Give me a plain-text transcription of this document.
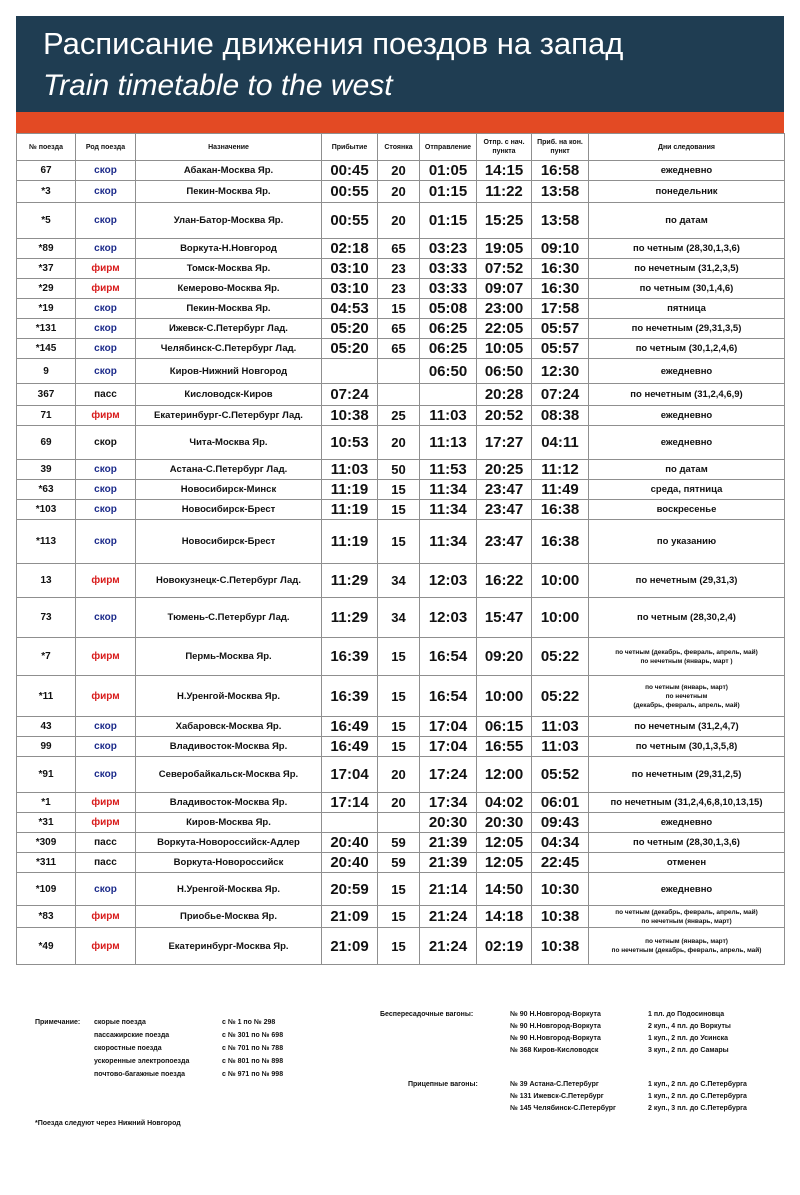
Расписание движения поездов на запад
Train timetable to the west
№ поезда	Род поезда	Назначение	Прибытие	Стоянка	Отправление	Отпр. с нач. пункта	Приб. на кон. пункт	Дни следования
67	скор	Абакан-Москва Яр.	00:45	20	01:05	14:15	16:58	ежедневно
*3	скор	Пекин-Москва Яр.	00:55	20	01:15	11:22	13:58	понедельник
*5	скор	Улан-Батор-Москва Яр.	00:55	20	01:15	15:25	13:58	по датам
*89	скор	Воркута-Н.Новгород	02:18	65	03:23	19:05	09:10	по четным (28,30,1,3,6)
*37	фирм	Томск-Москва Яр.	03:10	23	03:33	07:52	16:30	по нечетным (31,2,3,5)
*29	фирм	Кемерово-Москва Яр.	03:10	23	03:33	09:07	16:30	по четным (30,1,4,6)
*19	скор	Пекин-Москва Яр.	04:53	15	05:08	23:00	17:58	пятница
*131	скор	Ижевск-С.Петербург Лад.	05:20	65	06:25	22:05	05:57	по нечетным (29,31,3,5)
*145	скор	Челябинск-С.Петербург Лад.	05:20	65	06:25	10:05	05:57	по четным (30,1,2,4,6)
9	скор	Киров-Нижний Новгород			06:50	06:50	12:30	ежедневно
367	пасс	Кисловодск-Киров	07:24			20:28	07:24	по нечетным (31,2,4,6,9)
71	фирм	Екатеринбург-С.Петербург Лад.	10:38	25	11:03	20:52	08:38	ежедневно
69	скор	Чита-Москва Яр.	10:53	20	11:13	17:27	04:11	ежедневно
39	скор	Астана-С.Петербург Лад.	11:03	50	11:53	20:25	11:12	по датам
*63	скор	Новосибирск-Минск	11:19	15	11:34	23:47	11:49	среда, пятница
*103	скор	Новосибирск-Брест	11:19	15	11:34	23:47	16:38	воскресенье
*113	скор	Новосибирск-Брест	11:19	15	11:34	23:47	16:38	по указанию
13	фирм	Новокузнецк-С.Петербург Лад.	11:29	34	12:03	16:22	10:00	по нечетным (29,31,3)
73	скор	Тюмень-С.Петербург Лад.	11:29	34	12:03	15:47	10:00	по четным (28,30,2,4)
*7	фирм	Пермь-Москва Яр.	16:39	15	16:54	09:20	05:22	по четным (декабрь, февраль, апрель, май)
по нечетным (январь, март )
*11	фирм	Н.Уренгой-Москва Яр.	16:39	15	16:54	10:00	05:22	по четным (январь, март)
по нечетным
(декабрь, февраль, апрель, май)
43	скор	Хабаровск-Москва Яр.	16:49	15	17:04	06:15	11:03	по нечетным (31,2,4,7)
99	скор	Владивосток-Москва Яр.	16:49	15	17:04	16:55	11:03	по четным (30,1,3,5,8)
*91	скор	Северобайкальск-Москва Яр.	17:04	20	17:24	12:00	05:52	по нечетным (29,31,2,5)
*1	фирм	Владивосток-Москва Яр.	17:14	20	17:34	04:02	06:01	по нечетным (31,2,4,6,8,10,13,15)
*31	фирм	Киров-Москва Яр.			20:30	20:30	09:43	ежедневно
*309	пасс	Воркута-Новороссийск-Адлер	20:40	59	21:39	12:05	04:34	по четным (28,30,1,3,6)
*311	пасс	Воркута-Новороссийск	20:40	59	21:39	12:05	22:45	отменен
*109	скор	Н.Уренгой-Москва Яр.	20:59	15	21:14	14:50	10:30	ежедневно
*83	фирм	Приобье-Москва Яр.	21:09	15	21:24	14:18	10:38	по четным (декабрь, февраль, апрель, май)
по нечетным (январь, март)
*49	фирм	Екатеринбург-Москва Яр.	21:09	15	21:24	02:19	10:38	по четным (январь, март)
по нечетным (декабрь, февраль, апрель, май)
Примечание: скорые поезда	с № 1 по № 298
пассажирские поезда	с № 301 по № 698
скоростные поезда	с № 701 по № 788
ускоренные электропоезда	с № 801 по № 898
почтово-багажные поезда	с № 971 по № 998
*Поезда следуют через Нижний Новгород
Беспересадочные вагоны:	№ 90 Н.Новгород-Воркута	1 пл. до Подосиновца
№ 90 Н.Новгород-Воркута	2 куп., 4 пл. до Воркуты
№ 90 Н.Новгород-Воркута	1 куп., 2 пл. до Усинска
№ 368 Киров-Кисловодск	3 куп., 2 пл. до Самары
Прицепные вагоны:	№ 39 Астана-С.Петербург	1 куп., 2 пл. до С.Петербурга
№ 131 Ижевск-С.Петербург	1 куп., 2 пл. до С.Петербурга
№ 145 Челябинск-С.Петербург	2 куп., 3 пл. до С.Петербурга
